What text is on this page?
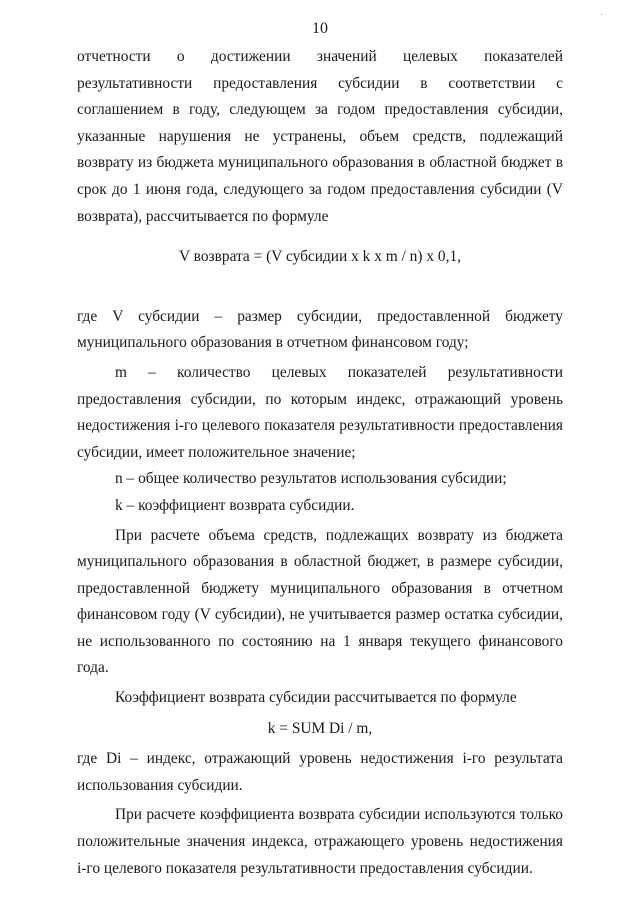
·
10

отчетности о достижении значений целевых показателей результативности предоставления субсидии в соответствии с соглашением в году, следующем за годом предоставления субсидии, указанные нарушения не устранены, объем средств, подлежащий возврату из бюджета муниципального образования в областной бюджет в срок до 1 июня года, следующего за годом предоставления субсидии (V возврата), рассчитывается по формуле

V возврата = (V субсидии x k x m / n) x 0,1,

где V субсидии – размер субсидии, предоставленной бюджету муниципального образования в отчетном финансовом году;

m – количество целевых показателей результативности предоставления субсидии, по которым индекс, отражающий уровень недостижения i-го целевого показателя результативности предоставления субсидии, имеет положительное значение;

n – общее количество результатов использования субсидии;

k – коэффициент возврата субсидии.

При расчете объема средств, подлежащих возврату из бюджета муниципального образования в областной бюджет, в размере субсидии, предоставленной бюджету муниципального образования в отчетном финансовом году (V субсидии), не учитывается размер остатка субсидии, не использованного по состоянию на 1 января текущего финансового года.

Коэффициент возврата субсидии рассчитывается по формуле

k = SUM Di / m,

где Di – индекс, отражающий уровень недостижения i-го результата использования субсидии.

При расчете коэффициента возврата субсидии используются только положительные значения индекса, отражающего уровень недостижения i-го целевого показателя результативности предоставления субсидии.
